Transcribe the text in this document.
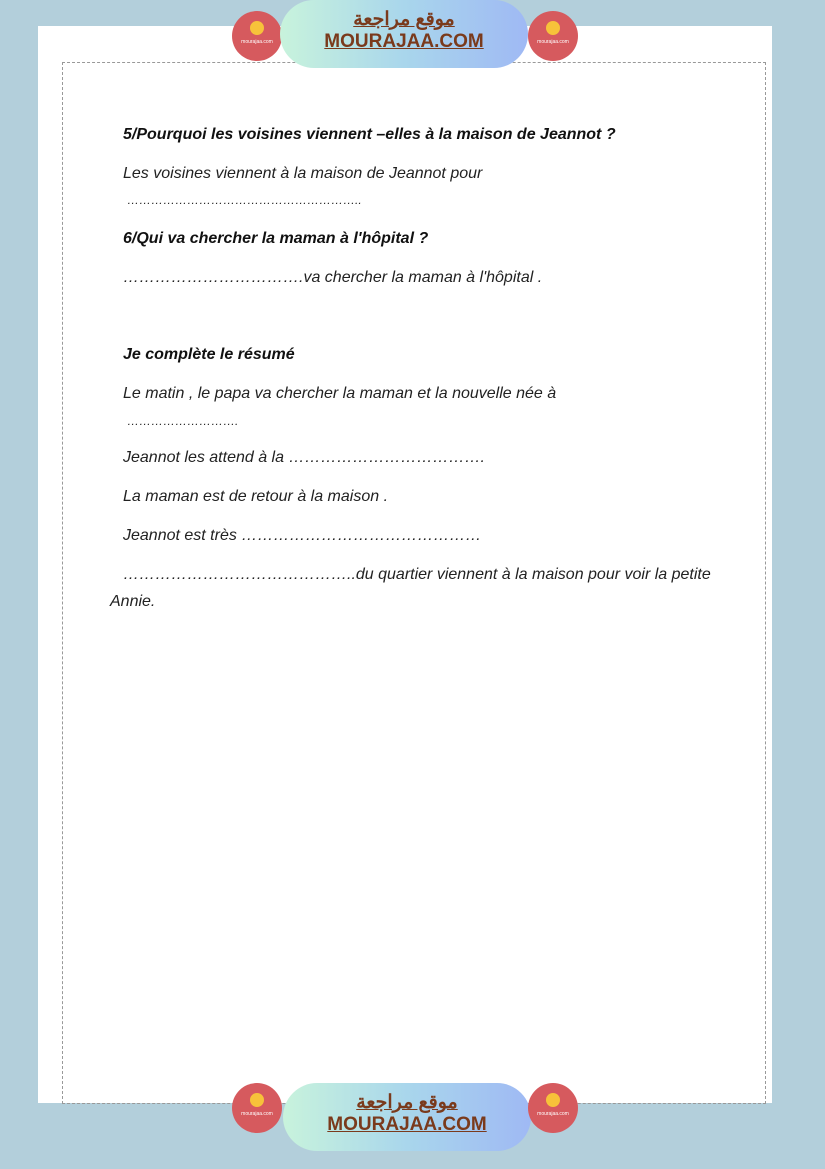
mourajaa.com
موقع مراجعة
MOURAJAA.COM	mourajaa.com
5/Pourquoi les voisines viennent –elles à la maison de Jeannot ?
Les voisines viennent à la maison de Jeannot pour
…………………………………………………..
6/Qui va chercher la maman à l'hôpital ?
…………………………….va chercher la maman à l'hôpital .
Je complète le résumé
Le matin , le papa va chercher la maman et la nouvelle née à
……………………….
Jeannot les attend à la ……………………………….
La maman est de retour à la maison .
Jeannot est très ………………………………………
……………………………………..du quartier viennent à la maison pour voir la petite
Annie.
mourajaa.com
موقع مراجعة
MOURAJAA.COM	mourajaa.com
